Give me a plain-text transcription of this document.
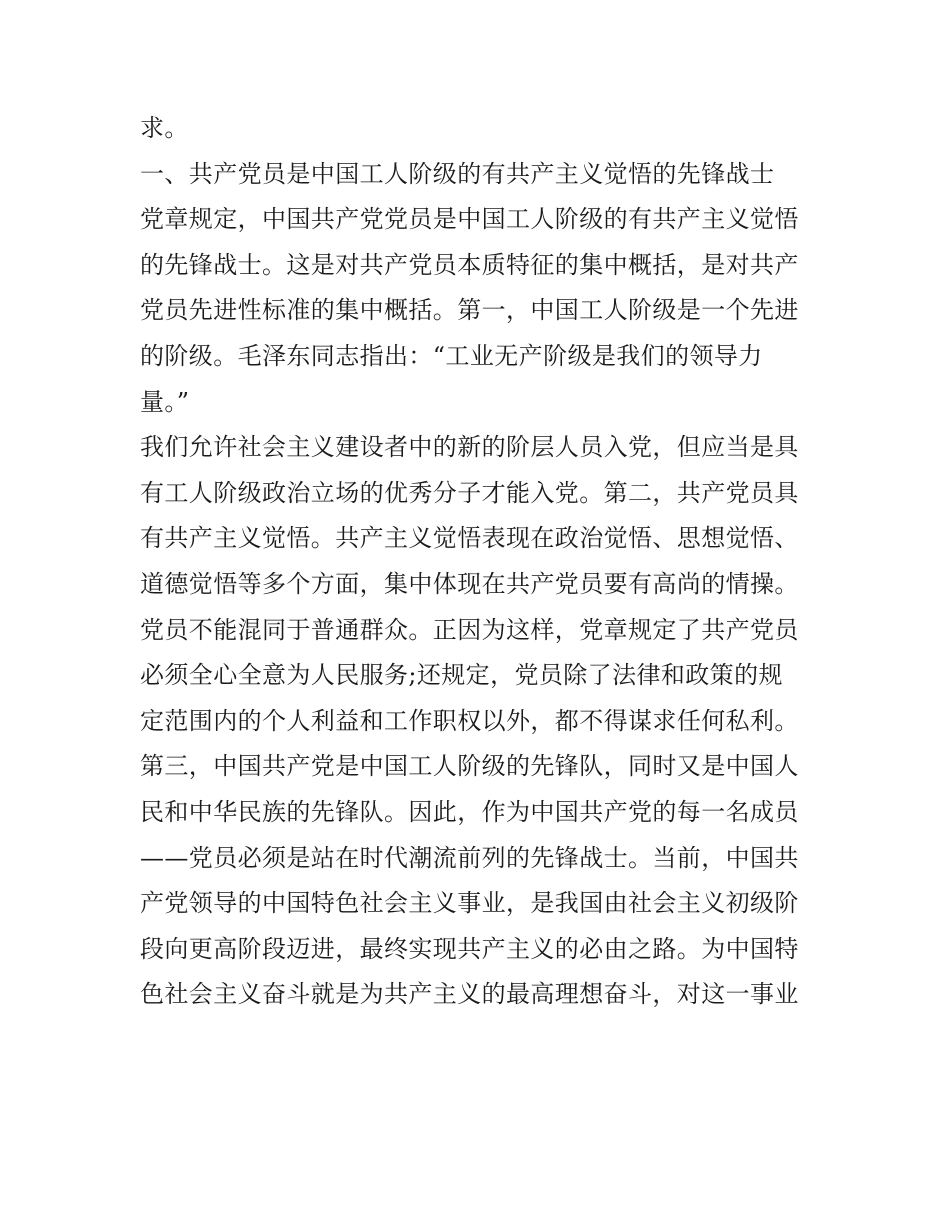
求。
一、共产党员是中国工人阶级的有共产主义觉悟的先锋战士
党章规定，中国共产党党员是中国工人阶级的有共产主义觉悟
的先锋战士。这是对共产党员本质特征的集中概括，是对共产
党员先进性标准的集中概括。第一，中国工人阶级是一个先进
的阶级。毛泽东同志指出：“工业无产阶级是我们的领导力
量。”
我们允许社会主义建设者中的新的阶层人员入党，但应当是具
有工人阶级政治立场的优秀分子才能入党。第二，共产党员具
有共产主义觉悟。共产主义觉悟表现在政治觉悟、思想觉悟、
道德觉悟等多个方面，集中体现在共产党员要有高尚的情操。
党员不能混同于普通群众。正因为这样，党章规定了共产党员
必须全心全意为人民服务;还规定，党员除了法律和政策的规
定范围内的个人利益和工作职权以外，都不得谋求任何私利。
第三，中国共产党是中国工人阶级的先锋队，同时又是中国人
民和中华民族的先锋队。因此，作为中国共产党的每一名成员
——党员必须是站在时代潮流前列的先锋战士。当前，中国共
产党领导的中国特色社会主义事业，是我国由社会主义初级阶
段向更高阶段迈进，最终实现共产主义的必由之路。为中国特
色社会主义奋斗就是为共产主义的最高理想奋斗，对这一事业
